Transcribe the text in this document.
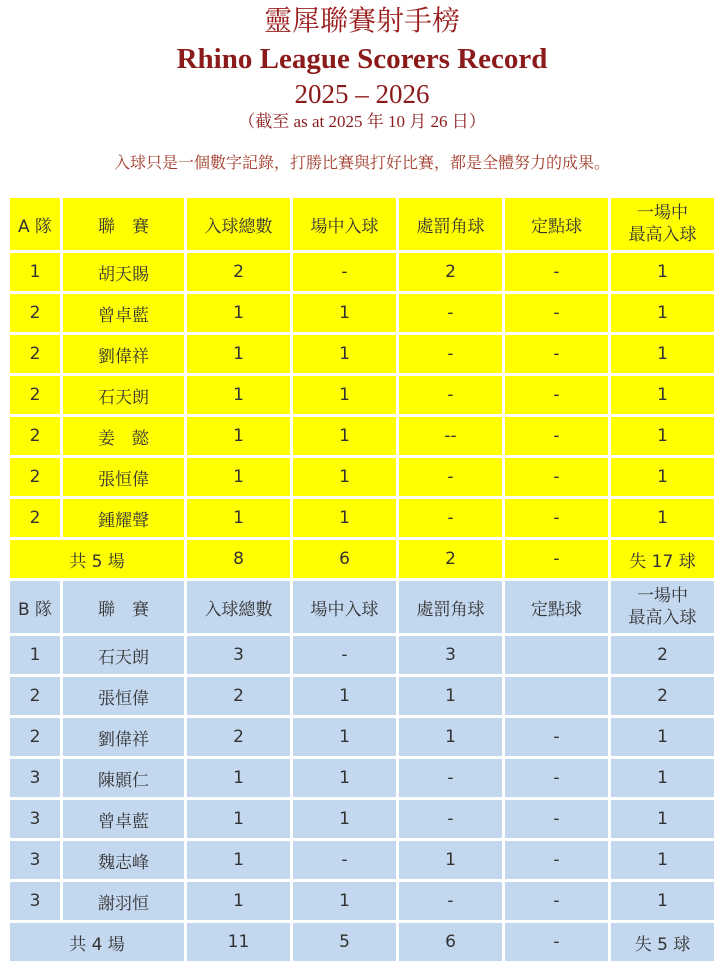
靈犀聯賽射手榜
Rhino League Scorers Record
2025 – 2026
（截至 as at 2025 年 10 月 26 日）
入球只是一個數字記錄，打勝比賽與打好比賽，都是全體努力的成果。
A 隊	聯　賽	入球總數	場中入球	處罰角球	定點球	一場中
最高入球
1	胡天賜	2	-	2	-	1
2	曾卓藍	1	1	-	-	1
2	劉偉祥	1	1	-	-	1
2	石天朗	1	1	-	-	1
2	姜　懿	1	1	--	-	1
2	張恒偉	1	1	-	-	1
2	鍾耀聲	1	1	-	-	1
共 5 場		8	6	2	-	失 17 球
B 隊	聯　賽	入球總數	場中入球	處罰角球	定點球	一場中
最高入球
1	石天朗	3	-	3		2
2	張恒偉	2	1	1		2
2	劉偉祥	2	1	1	-	1
3	陳顥仁	1	1	-	-	1
3	曾卓藍	1	1	-	-	1
3	魏志峰	1	-	1	-	1
3	謝羽恒	1	1	-	-	1
共 4 場		11	5	6	-	失 5 球
